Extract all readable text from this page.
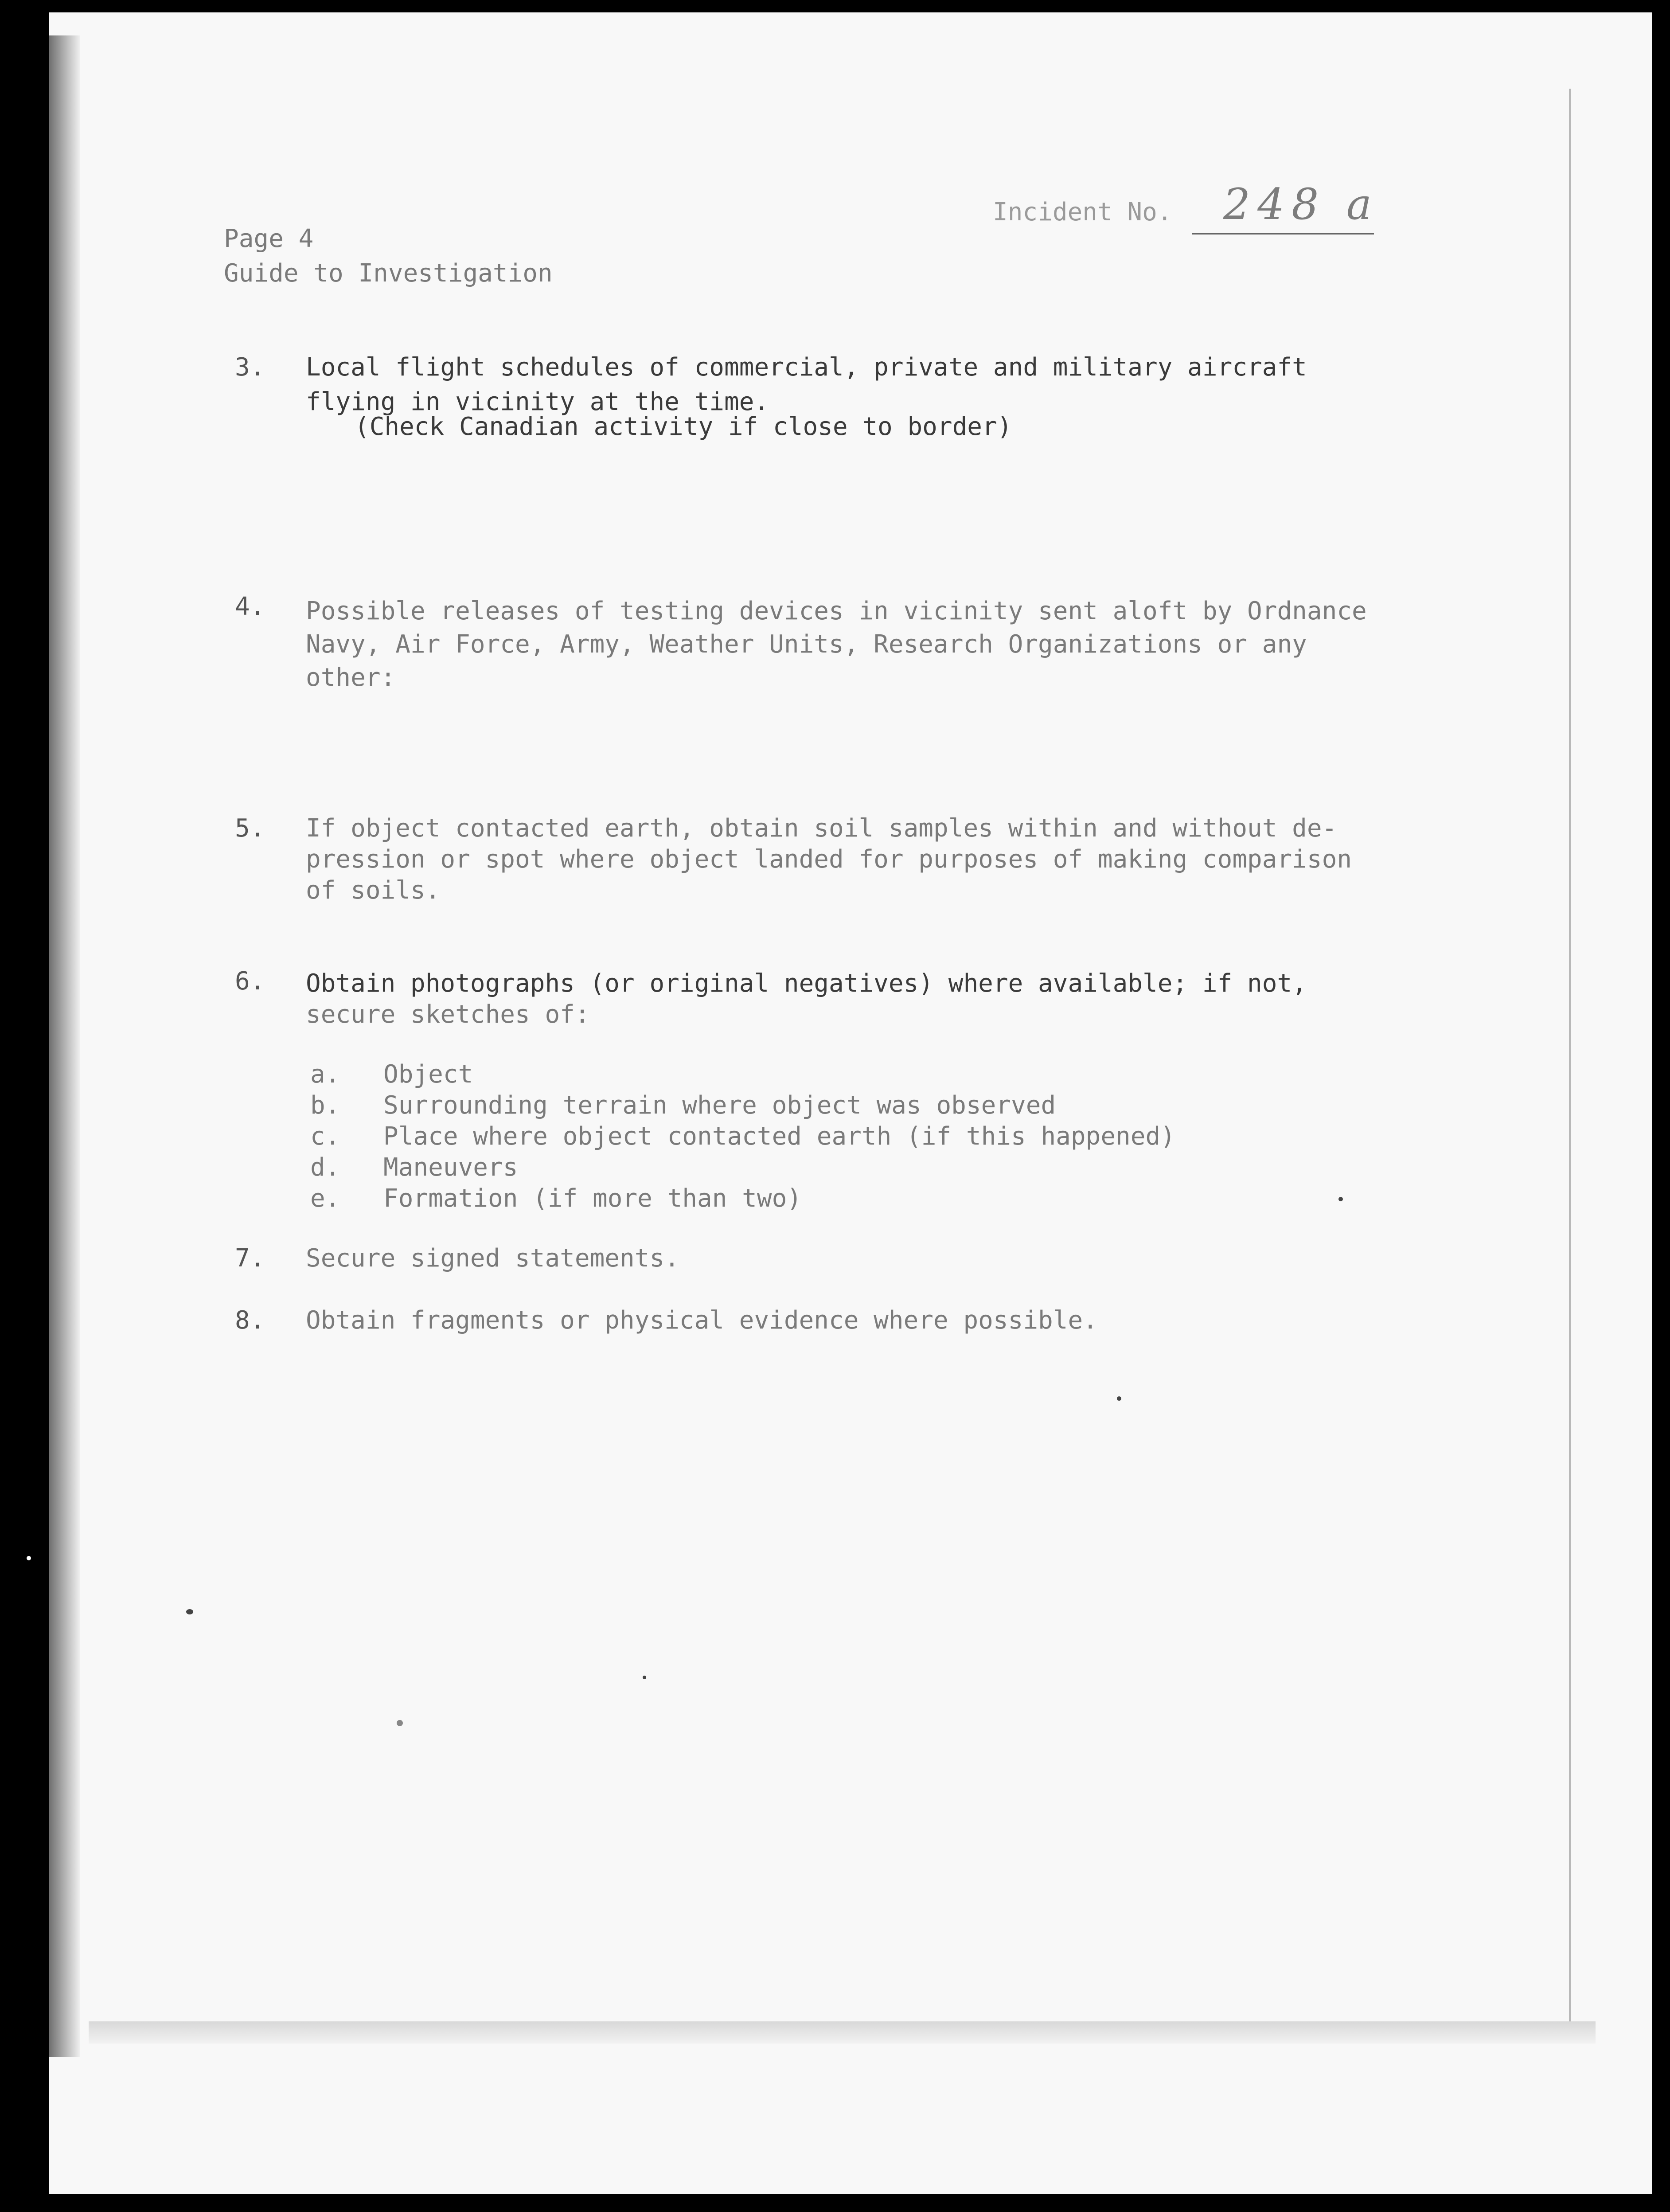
Page 4
Guide to Investigation
Incident No. 248 a
3. Local flight schedules of commercial, private and military aircraft
flying in vicinity at the time.
(Check Canadian activity if close to border)
4. Possible releases of testing devices in vicinity sent aloft by Ordnance
Navy, Air Force, Army, Weather Units, Research Organizations or any
other:
5. If object contacted earth, obtain soil samples within and without de-
pression or spot where object landed for purposes of making comparison
of soils.
6. Obtain photographs (or original negatives) where available; if not,
secure sketches of:
a. Object
b. Surrounding terrain where object was observed
c. Place where object contacted earth (if this happened)
d. Maneuvers
e. Formation (if more than two)
7. Secure signed statements.
8. Obtain fragments or physical evidence where possible.
